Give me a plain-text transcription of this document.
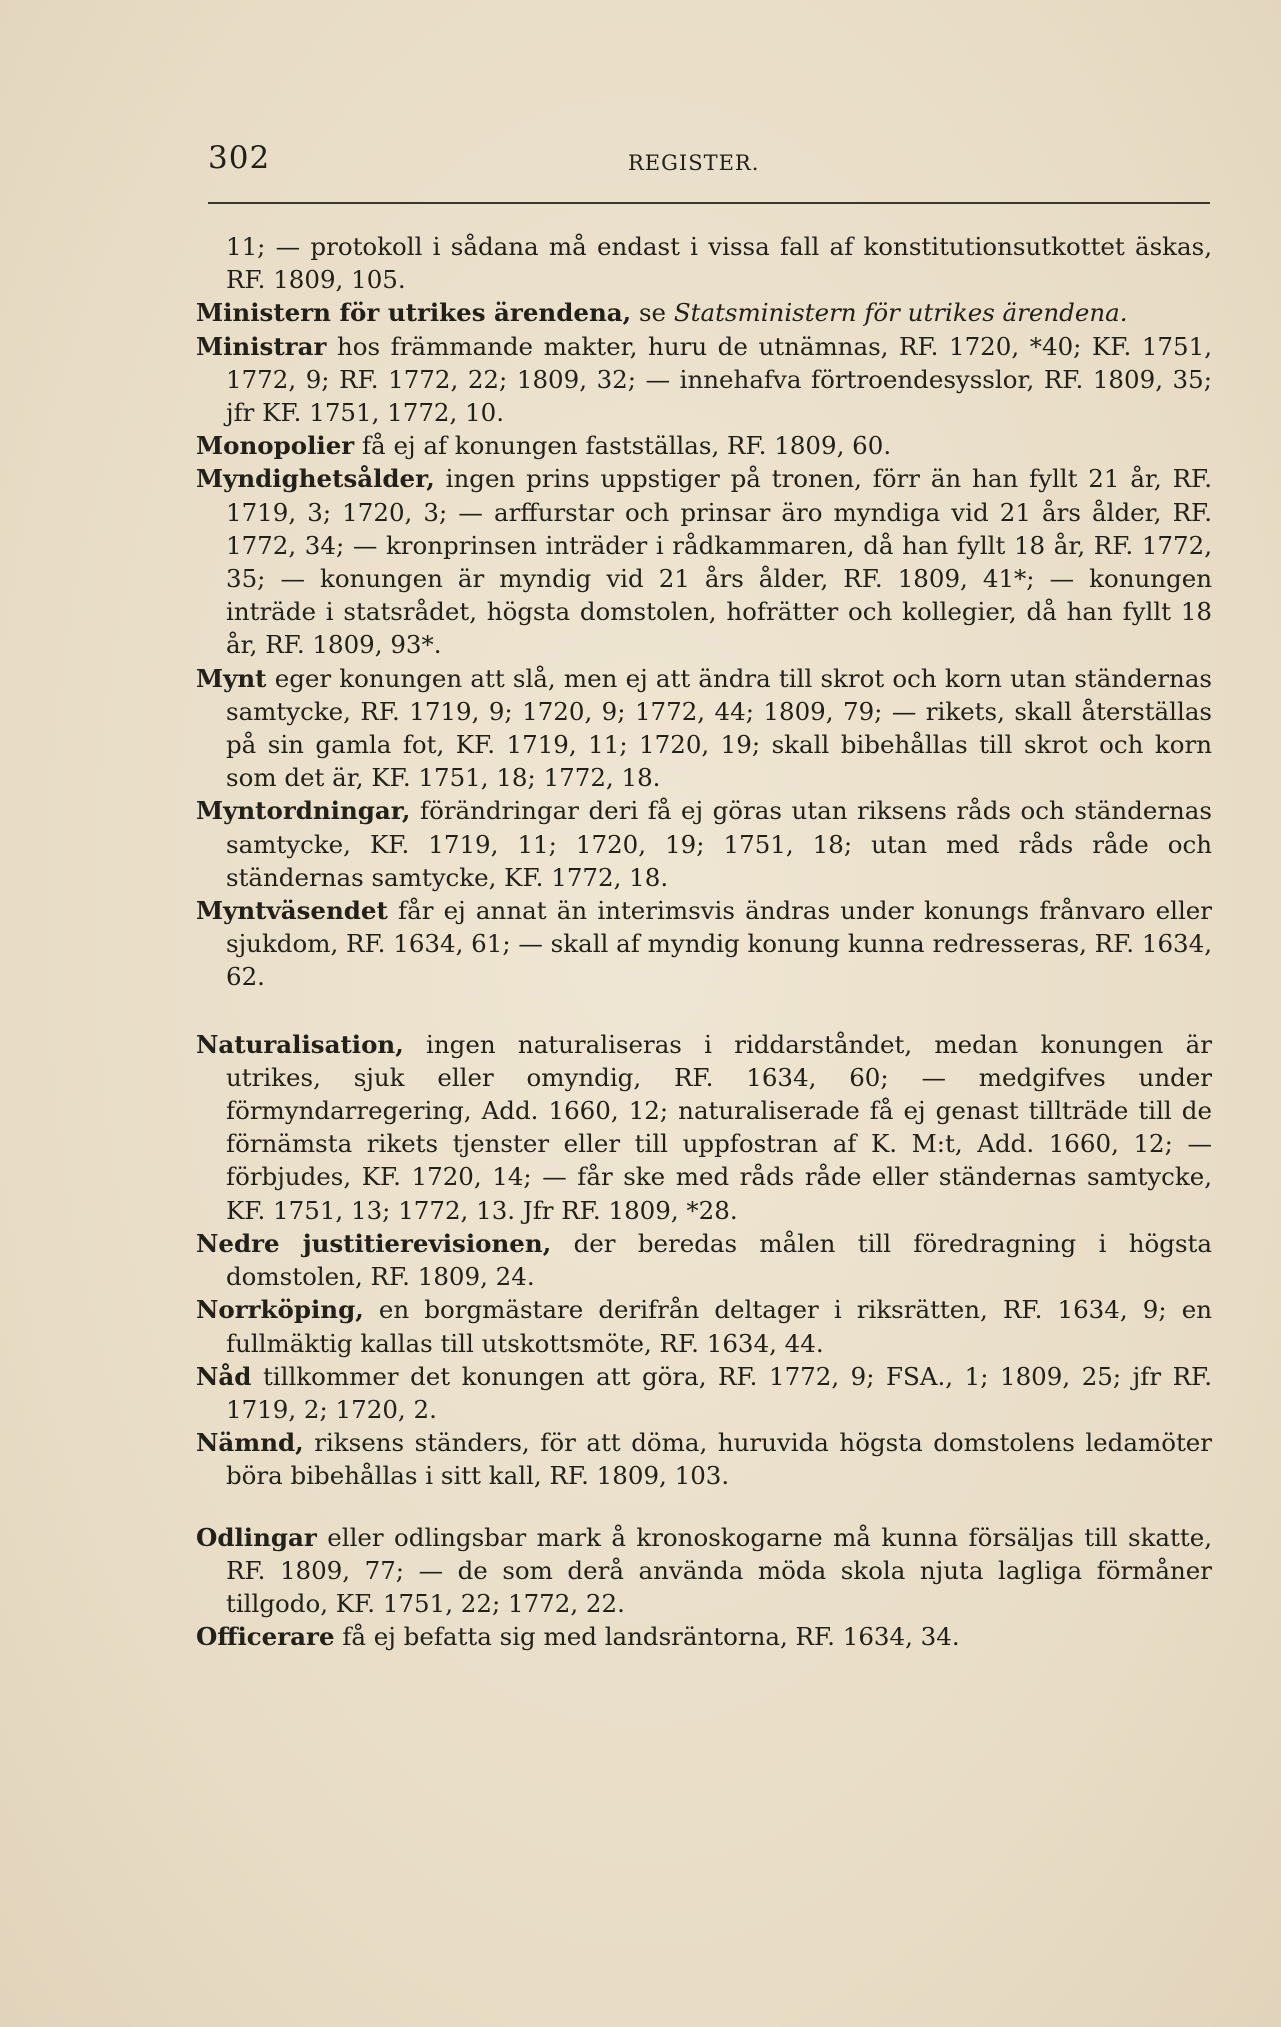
302	REGISTER.

11; — protokoll i sådana må endast i vissa fall af konstitutionsutkottet äskas, RF. 1809, 105.

Ministern för utrikes ärendena, se Statsministern för utrikes ärendena.

Ministrar hos främmande makter, huru de utnämnas, RF. 1720, *40; KF. 1751, 1772, 9; RF. 1772, 22; 1809, 32; — innehafva förtroendesysslor, RF. 1809, 35; jfr KF. 1751, 1772, 10.

Monopolier få ej af konungen fastställas, RF. 1809, 60.

Myndighetsålder, ingen prins uppstiger på tronen, förr än han fyllt 21 år, RF. 1719, 3; 1720, 3; — arffurstar och prinsar äro myndiga vid 21 års ålder, RF. 1772, 34; — kronprinsen inträder i rådkammaren, då han fyllt 18 år, RF. 1772, 35; — konungen är myndig vid 21 års ålder, RF. 1809, 41*; — konungen inträde i statsrådet, högsta domstolen, hofrätter och kollegier, då han fyllt 18 år, RF. 1809, 93*.

Mynt eger konungen att slå, men ej att ändra till skrot och korn utan ständernas samtycke, RF. 1719, 9; 1720, 9; 1772, 44; 1809, 79; — rikets, skall återställas på sin gamla fot, KF. 1719, 11; 1720, 19; skall bibehållas till skrot och korn som det är, KF. 1751, 18; 1772, 18.

Myntordningar, förändringar deri få ej göras utan riksens råds och ständernas samtycke, KF. 1719, 11; 1720, 19; 1751, 18; utan med råds råde och ständernas samtycke, KF. 1772, 18.

Myntväsendet får ej annat än interimsvis ändras under konungs frånvaro eller sjukdom, RF. 1634, 61; — skall af myndig konung kunna redresseras, RF. 1634, 62.

Naturalisation, ingen naturaliseras i riddarståndet, medan konungen är utrikes, sjuk eller omyndig, RF. 1634, 60; — medgifves under förmyndarregering, Add. 1660, 12; naturaliserade få ej genast tillträde till de förnämsta rikets tjenster eller till uppfostran af K. M:t, Add. 1660, 12; — förbjudes, KF. 1720, 14; — får ske med råds råde eller ständernas samtycke, KF. 1751, 13; 1772, 13. Jfr RF. 1809, *28.

Nedre justitierevisionen, der beredas målen till föredragning i högsta domstolen, RF. 1809, 24.

Norrköping, en borgmästare derifrån deltager i riksrätten, RF. 1634, 9; en fullmäktig kallas till utskottsmöte, RF. 1634, 44.

Nåd tillkommer det konungen att göra, RF. 1772, 9; FSA., 1; 1809, 25; jfr RF. 1719, 2; 1720, 2.

Nämnd, riksens ständers, för att döma, huruvida högsta domstolens ledamöter böra bibehållas i sitt kall, RF. 1809, 103.

Odlingar eller odlingsbar mark å kronoskogarne må kunna försäljas till skatte, RF. 1809, 77; — de som derå använda möda skola njuta lagliga förmåner tillgodo, KF. 1751, 22; 1772, 22.

Officerare få ej befatta sig med landsräntorna, RF. 1634, 34.
